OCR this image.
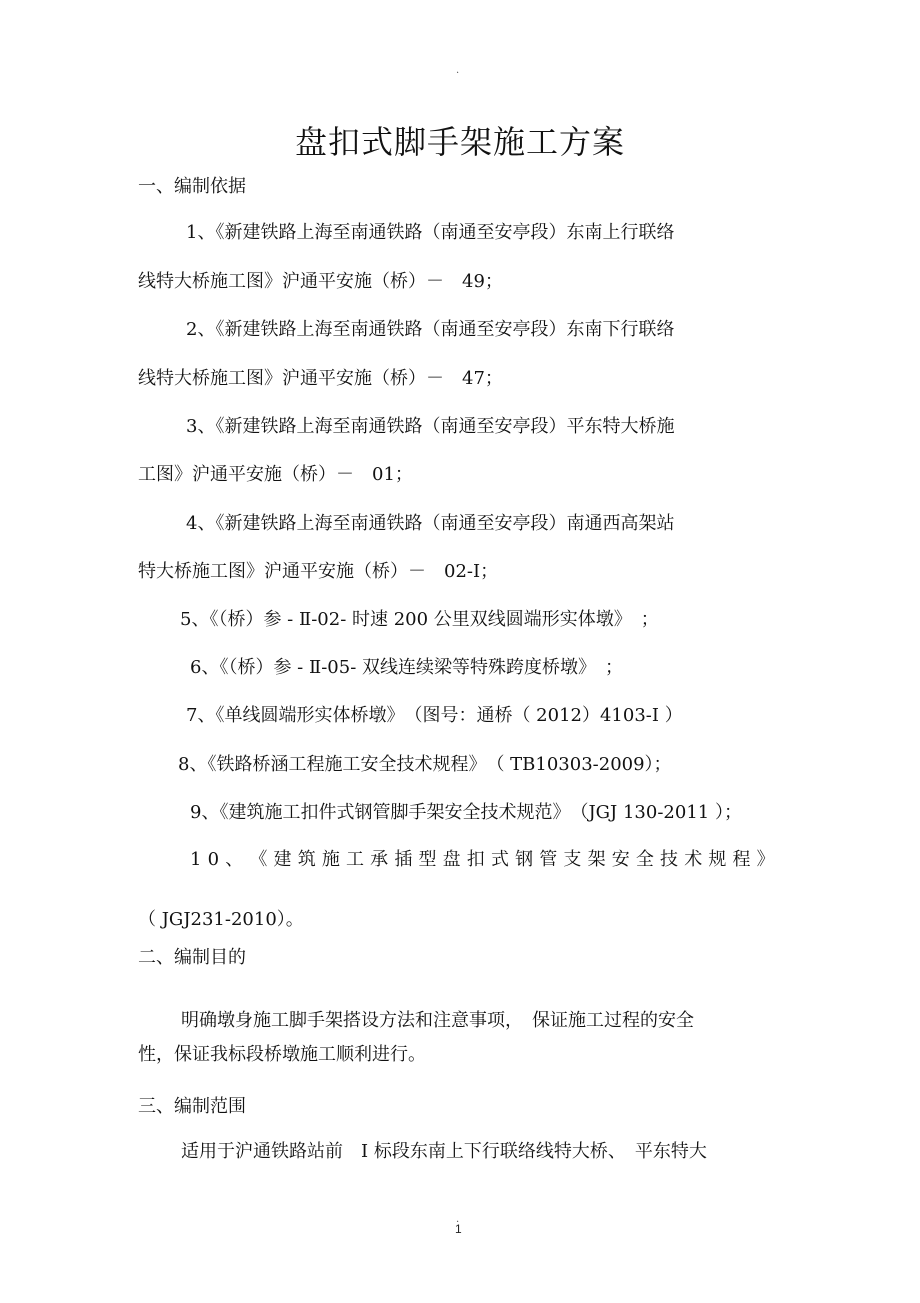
.
盘扣式脚手架施工方案
一、编制依据
1、《新建铁路上海至南通铁路（南通至安亭段）东南上行联络
线特大桥施工图》沪通平安施（桥）－　49；
2、《新建铁路上海至南通铁路（南通至安亭段）东南下行联络
线特大桥施工图》沪通平安施（桥）－　47；
3、《新建铁路上海至南通铁路（南通至安亭段）平东特大桥施
工图》沪通平安施（桥）－　01；
4、《新建铁路上海至南通铁路（南通至安亭段）南通西高架站
特大桥施工图》沪通平安施（桥）－　02-I；
5、《（桥）参 - Ⅱ-02- 时速 200 公里双线圆端形实体墩》　；
6、《（桥）参 - Ⅱ-05- 双线连续梁等特殊跨度桥墩》　；
7、《单线圆端形实体桥墩》　（图号：通桥（ 2012）4103-I ）
8、《铁路桥涵工程施工安全技术规程》　（ TB10303-2009）；
9、《建筑施工扣件式钢管脚手架安全技术规范》　（JGJ 130-2011 ）；
1 0 、 《 建 筑 施 工 承 插 型 盘 扣 式 钢 管 支 架 安 全 技 术 规 程 》
（ JGJ231-2010）。
二、编制目的
明确墩身施工脚手架搭设方法和注意事项，　保证施工过程的安全
性，保证我标段桥墩施工顺利进行。
三、编制范围
适用于沪通铁路站前　I 标段东南上下行联络线特大桥、　平东特大
.
1
